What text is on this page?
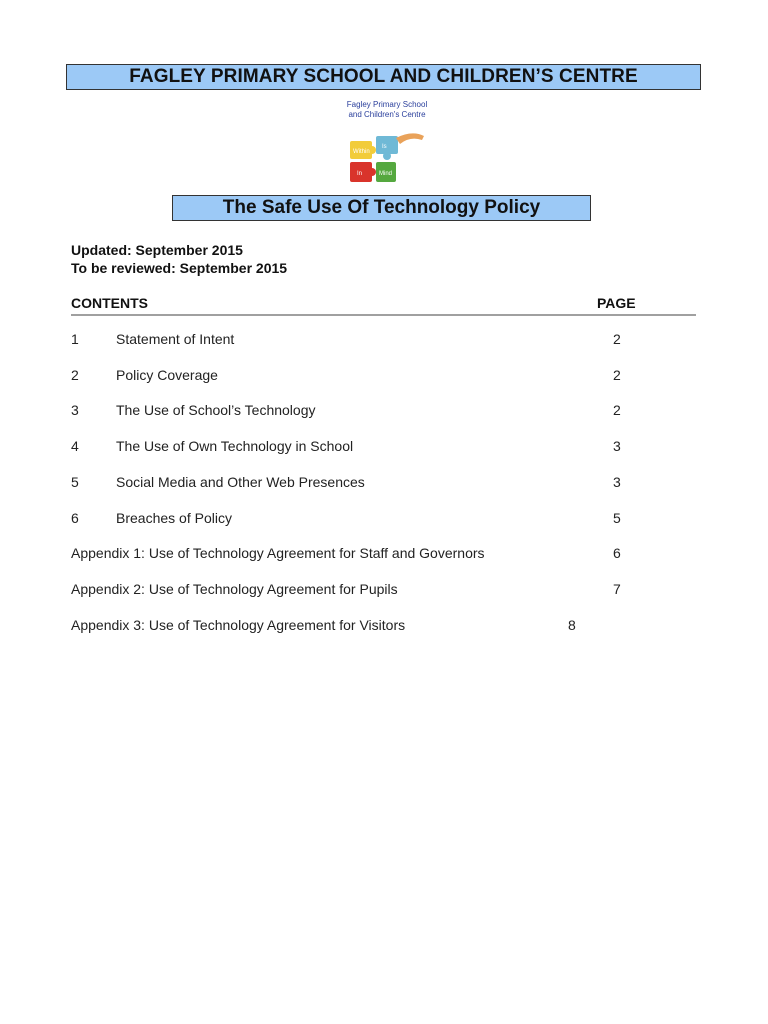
FAGLEY PRIMARY SCHOOL AND CHILDREN’S CENTRE
Fagley Primary School
and Children's Centre
Within
Is
In	Mind
The Safe Use Of Technology Policy
Updated: September 2015
To be reviewed: September 2015
CONTENTS	PAGE
1	Statement of Intent	2
2	Policy Coverage	2
3	The Use of School’s Technology	2
4	The Use of Own Technology in School	3
5	Social Media and Other Web Presences	3
6	Breaches of Policy	5
Appendix 1: Use of Technology Agreement for Staff and Governors	6
Appendix 2: Use of Technology Agreement for Pupils	7
Appendix 3: Use of Technology Agreement for Visitors	8
